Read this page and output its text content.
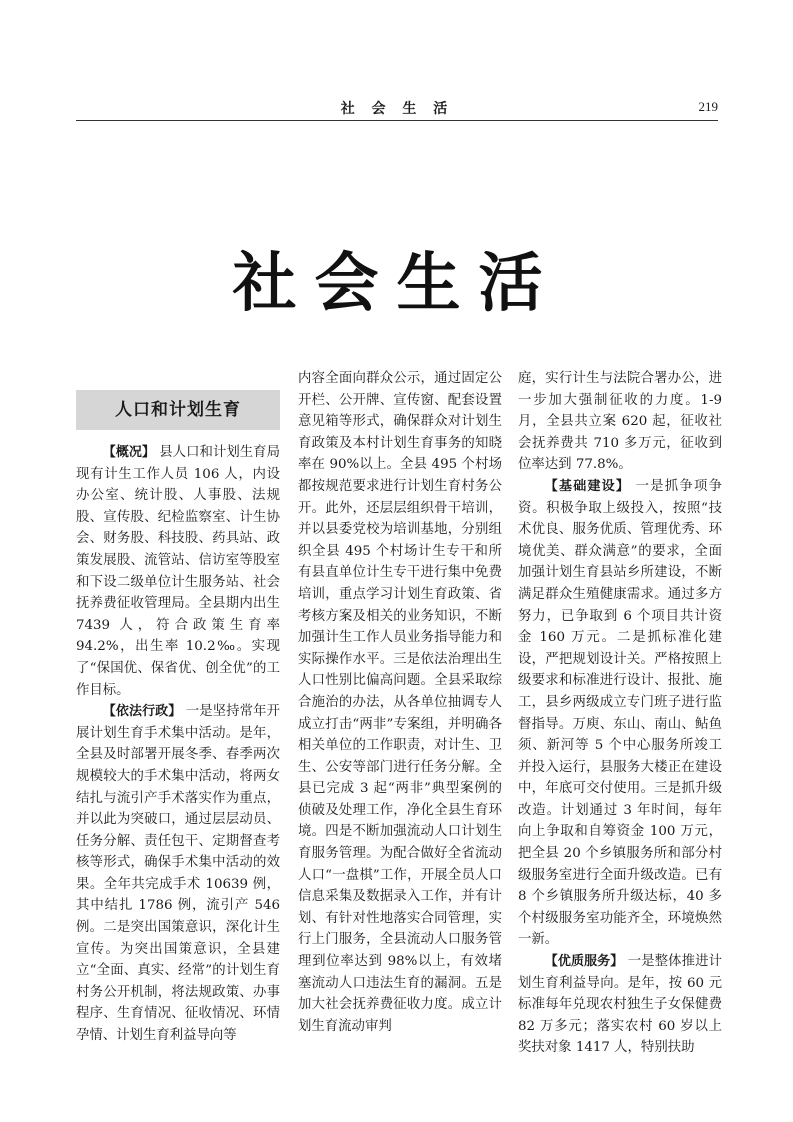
社 会 生 活	219
社会生活
人口和计划生育

【概况】 县人口和计划生育局现有计生工作人员 106 人，内设办公室、统计股、人事股、法规股、宣传股、纪检监察室、计生协会、财务股、科技股、药具站、政策发展股、流管站、信访室等股室和下设二级单位计生服务站、社会抚养费征收管理局。全县期内出生 7439 人，符合政策生育率 94.2%，出生率 10.2‰。实现了“保国优、保省优、创全优”的工作目标。

【依法行政】 一是坚持常年开展计划生育手术集中活动。是年，全县及时部署开展冬季、春季两次规模较大的手术集中活动，将两女结扎与流引产手术落实作为重点，并以此为突破口，通过层层动员、任务分解、责任包干、定期督查考核等形式，确保手术集中活动的效果。全年共完成手术 10639 例，其中结扎 1786 例，流引产 546 例。二是突出国策意识，深化计生宣传。为突出国策意识，全县建立“全面、真实、经常”的计划生育村务公开机制，将法规政策、办事程序、生育情况、征收情况、环情孕情、计划生育利益导向等

内容全面向群众公示，通过固定公开栏、公开牌、宣传窗、配套设置意见箱等形式，确保群众对计划生育政策及本村计划生育事务的知晓率在 90%以上。全县 495 个村场都按规范要求进行计划生育村务公开。此外，还层层组织骨干培训，并以县委党校为培训基地，分别组织全县 495 个村场计生专干和所有县直单位计生专干进行集中免费培训，重点学习计划生育政策、省考核方案及相关的业务知识，不断加强计生工作人员业务指导能力和实际操作水平。三是依法治理出生人口性别比偏高问题。全县采取综合施治的办法，从各单位抽调专人成立打击“两非”专案组，并明确各相关单位的工作职责，对计生、卫生、公安等部门进行任务分解。全县已完成 3 起“两非”典型案例的侦破及处理工作，净化全县生育环境。四是不断加强流动人口计划生育服务管理。为配合做好全省流动人口“一盘棋”工作，开展全员人口信息采集及数据录入工作，并有计划、有针对性地落实合同管理，实行上门服务，全县流动人口服务管理到位率达到 98%以上，有效堵塞流动人口违法生育的漏洞。五是加大社会抚养费征收力度。成立计划生育流动审判

庭，实行计生与法院合署办公，进一步加大强制征收的力度。1-9 月，全县共立案 620 起，征收社会抚养费共 710 多万元，征收到位率达到 77.8%。

【基础建设】 一是抓争项争资。积极争取上级投入，按照“技术优良、服务优质、管理优秀、环境优美、群众满意”的要求，全面加强计划生育县站乡所建设，不断满足群众生殖健康需求。通过多方努力，已争取到 6 个项目共计资金 160 万元。二是抓标准化建设，严把规划设计关。严格按照上级要求和标准进行设计、报批、施工，县乡两级成立专门班子进行监督指导。万庾、东山、南山、鲇鱼须、新河等 5 个中心服务所竣工并投入运行，县服务大楼正在建设中，年底可交付使用。三是抓升级改造。计划通过 3 年时间，每年向上争取和自筹资金 100 万元，把全县 20 个乡镇服务所和部分村级服务室进行全面升级改造。已有 8 个乡镇服务所升级达标，40 多个村级服务室功能齐全，环境焕然一新。

【优质服务】 一是整体推进计划生育利益导向。是年，按 60 元标准每年兑现农村独生子女保健费 82 万多元；落实农村 60 岁以上奖扶对象 1417 人，特别扶助
